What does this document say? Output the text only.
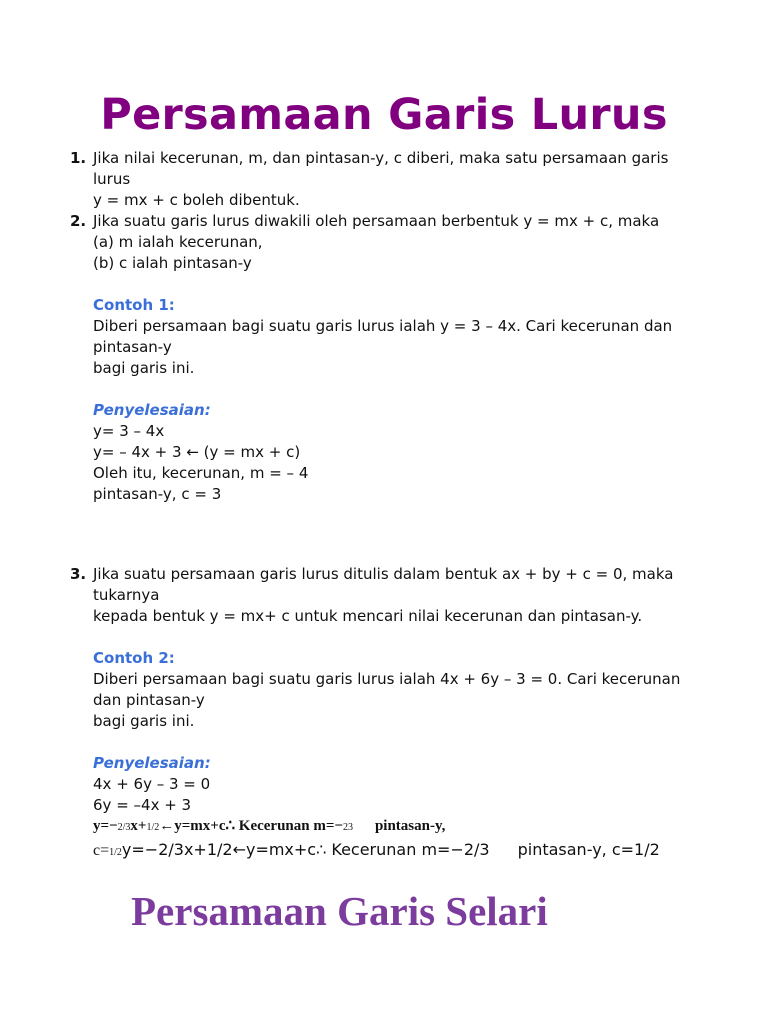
Persamaan Garis Lurus
1. Jika nilai kecerunan, m, dan pintasan-y, c diberi, maka satu persamaan garis

lurus

y = mx + c boleh dibentuk.

2. Jika suatu garis lurus diwakili oleh persamaan berbentuk y = mx + c, maka

(a) m ialah kecerunan,

(b) c ialah pintasan-y

Contoh 1:

Diberi persamaan bagi suatu garis lurus ialah y = 3 – 4x. Cari kecerunan dan

pintasan-y

bagi garis ini.

Penyelesaian:

y= 3 – 4x

y= – 4x + 3 ← (y = mx + c)

Oleh itu, kecerunan, m = – 4

pintasan-y, c = 3

3. Jika suatu persamaan garis lurus ditulis dalam bentuk ax + by + c = 0, maka

tukarnya

kepada bentuk y = mx+ c untuk mencari nilai kecerunan dan pintasan-y.

Contoh 2:

Diberi persamaan bagi suatu garis lurus ialah 4x + 6y – 3 = 0. Cari kecerunan

dan pintasan-y

bagi garis ini.

Penyelesaian:

4x + 6y – 3 = 0

6y = –4x + 3

y=−2/3x+1/2←y=mx+c∴ Kecerunan m=−23 pintasan-y,

c=1/2y=−2/3x+1/2←y=mx+c∴ Kecerunan m=−2/3 pintasan-y, c=1/2

Persamaan Garis Selari
